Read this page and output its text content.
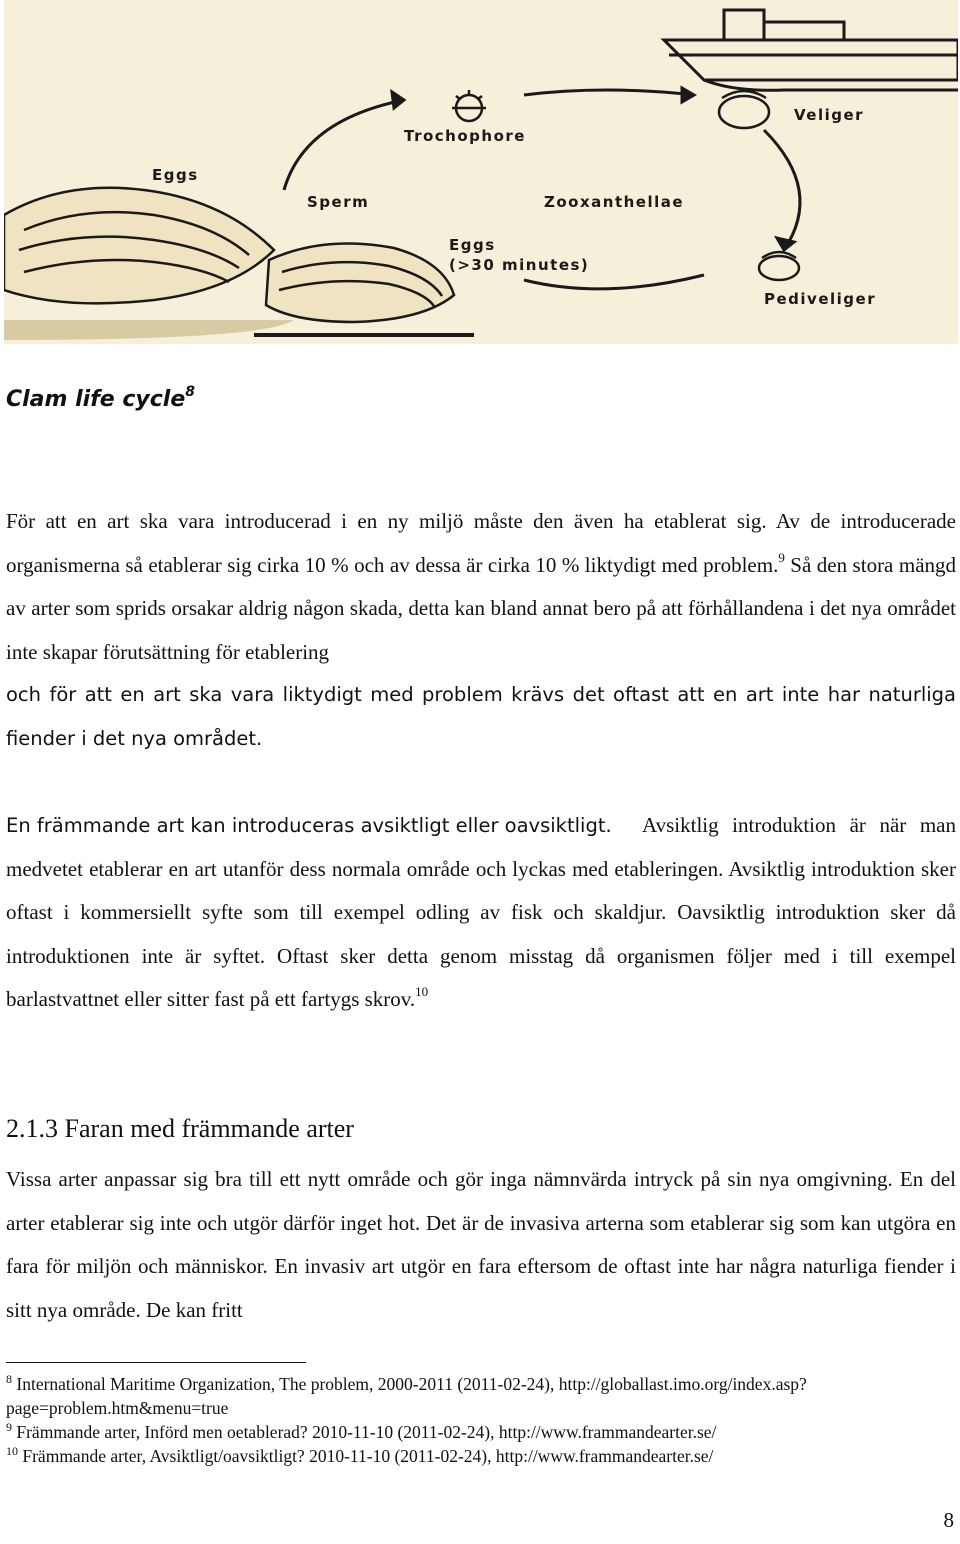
Trochophore
Veliger
Eggs
Sperm	Zooxanthellae
Eggs
(>30 minutes)
Pediveliger
Clam life cycle$^8$

För att en art ska vara introducerad i en ny miljö måste den även ha etablerat sig. Av de introducerade organismerna så etablerar sig cirka 10 % och av dessa är cirka 10 % liktydigt med problem.$^9$ Så den stora mängd av arter som sprids orsakar aldrig någon skada, detta kan bland annat bero på att förhållandena i det nya området inte skapar förutsättning för etablering

och för att en art ska vara liktydigt med problem krävs det oftast att en art inte har naturliga fiender i det nya området.

En främmande art kan introduceras avsiktligt eller oavsiktligt.	Avsiktlig introduktion är när man medvetet etablerar en art utanför dess normala område och lyckas med etableringen. Avsiktlig introduktion sker oftast i kommersiellt syfte som till exempel odling av fisk och skaldjur. Oavsiktlig introduktion sker då introduktionen inte är syftet. Oftast sker detta genom misstag då organismen följer med i till exempel barlastvattnet eller sitter fast på ett fartygs skrov.$^{10}$

2.1.3 Faran med främmande arter

Vissa arter anpassar sig bra till ett nytt område och gör inga nämnvärda intryck på sin nya omgivning. En del arter etablerar sig inte och utgör därför inget hot. Det är de invasiva arterna som etablerar sig som kan utgöra en fara för miljön och människor. En invasiv art utgör en fara eftersom de oftast inte har några naturliga fiender i sitt nya område. De kan fritt

$^8$ International Maritime Organization, The problem, 2000-2011 (2011-02-24), http://globallast.imo.org/index.asp?page=problem.htm&menu=true
$^9$ Främmande arter, Införd men oetablerad? 2010-11-10 (2011-02-24), http://www.frammandearter.se/
$^{10}$ Främmande arter, Avsiktligt/oavsiktligt? 2010-11-10 (2011-02-24), http://www.frammandearter.se/
8
